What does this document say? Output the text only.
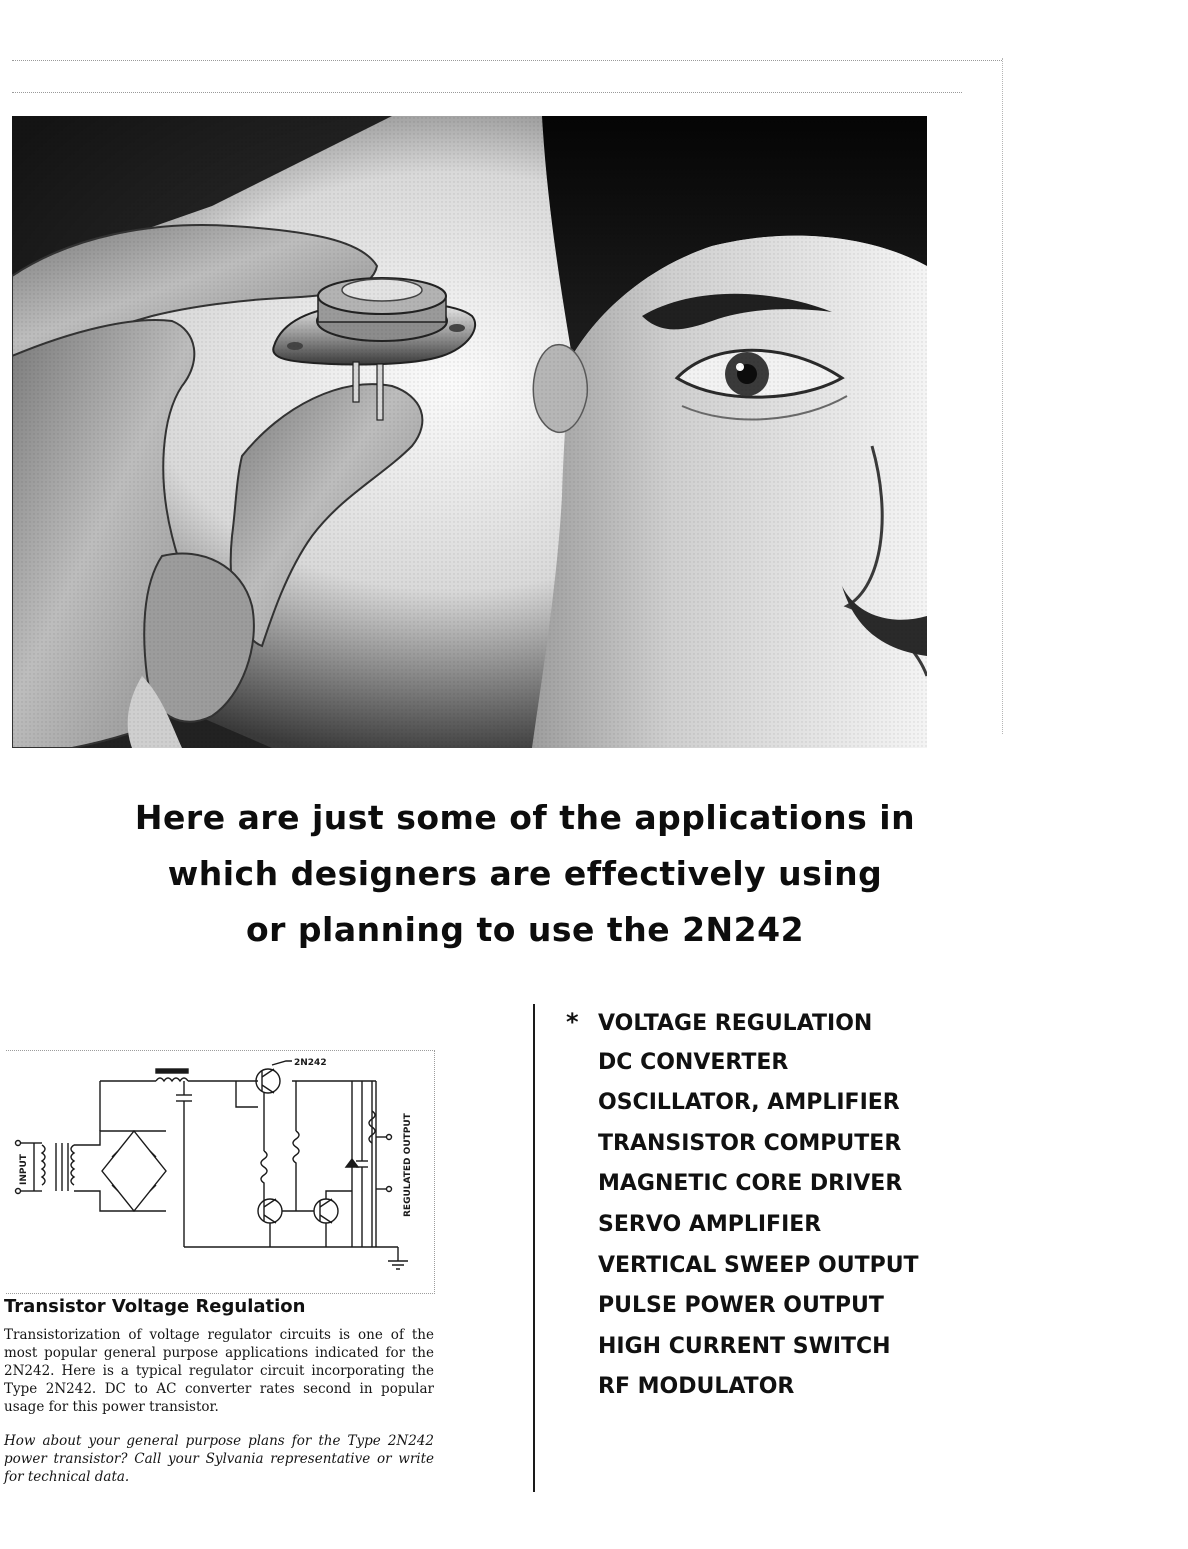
Here are just some of the applications in
which designers are effectively using
or planning to use the 2N242
2N242
INPUT	REGULATED OUTPUT
Transistor Voltage Regulation
Transistorization of voltage regulator circuits is one of the most popular general purpose applications indicated for the 2N242. Here is a typical regulator circuit incorporating the Type 2N242. DC to AC converter rates second in popular usage for this power transistor.
How about your general purpose plans for the Type 2N242 power transistor? Call your Sylvania representative or write for technical data.
* VOLTAGE REGULATION
DC CONVERTER
OSCILLATOR, AMPLIFIER
TRANSISTOR COMPUTER
MAGNETIC CORE DRIVER
SERVO AMPLIFIER
VERTICAL SWEEP OUTPUT
PULSE POWER OUTPUT
HIGH CURRENT SWITCH
RF MODULATOR
